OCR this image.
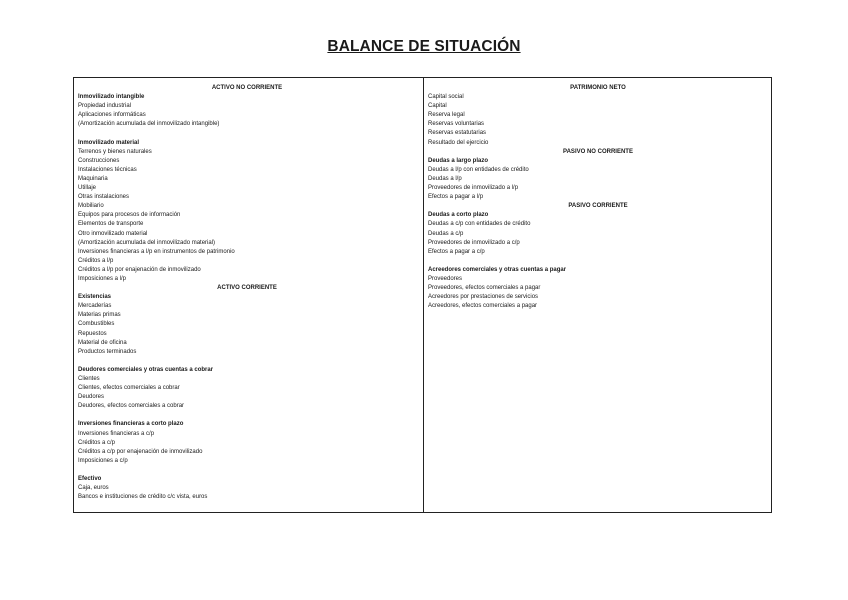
BALANCE DE SITUACIÓN
ACTIVO NO CORRIENTE
Inmovilizado intangible
Propiedad industrial
Aplicaciones informáticas
(Amortización acumulada del inmovilizado intangible)
Inmovilizado material
Terrenos y bienes naturales
Construcciones
Instalaciones técnicas
Maquinaria
Utillaje
Otras instalaciones
Mobiliario
Equipos para procesos de información
Elementos de transporte
Otro inmovilizado material
(Amortización acumulada del inmovilizado material)
Inversiones financieras a l/p en instrumentos de patrimonio
Créditos a l/p
Créditos a l/p por enajenación de inmovilizado
Imposiciones a l/p
ACTIVO CORRIENTE
Existencias
Mercaderías
Materias primas
Combustibles
Repuestos
Material de oficina
Productos terminados
Deudores comerciales y otras cuentas a cobrar
Clientes
Clientes, efectos comerciales a cobrar
Deudores
Deudores, efectos comerciales a cobrar
Inversiones financieras a corto plazo
Inversiones financieras a c/p
Créditos a c/p
Créditos a c/p por enajenación de inmovilizado
Imposiciones a c/p
Efectivo
Caja, euros
Bancos e instituciones de crédito c/c vista, euros
PATRIMONIO NETO
Capital social
Capital
Reserva legal
Reservas voluntarias
Reservas estatutarias
Resultado del ejercicio
PASIVO NO CORRIENTE
Deudas a largo plazo
Deudas a l/p con entidades de crédito
Deudas a l/p
Proveedores de inmovilizado a l/p
Efectos a pagar a l/p
PASIVO CORRIENTE
Deudas a corto plazo
Deudas a c/p con entidades de crédito
Deudas a c/p
Proveedores de inmovilizado a c/p
Efectos a pagar a c/p
Acreedores comerciales y otras cuentas a pagar
Proveedores
Proveedores, efectos comerciales a pagar
Acreedores por prestaciones de servicios
Acreedores, efectos comerciales a pagar
